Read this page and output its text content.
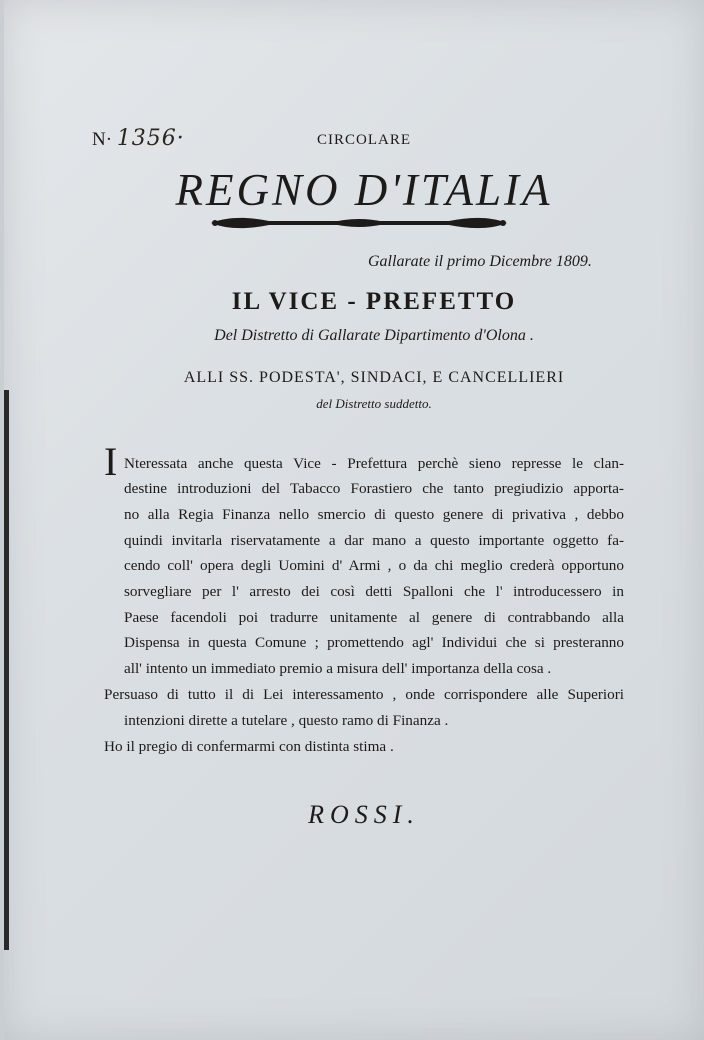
N· 1356·	CIRCOLARE
REGNO D'ITALIA
Gallarate il primo Dicembre 1809.
IL VICE - PREFETTO
Del Distretto di Gallarate Dipartimento d'Olona .
ALLI SS. PODESTA', SINDACI, E CANCELLIERI
del Distretto suddetto.
I Nteressata anche questa Vice - Prefettura perchè sieno represse le clan-
destine introduzioni del Tabacco Forastiero che tanto pregiudizio apporta-
no alla Regia Finanza nello smercio di questo genere di privativa , debbo
quindi invitarla riservatamente a dar mano a questo importante oggetto fa-
cendo coll' opera degli Uomini d' Armi , o da chi meglio crederà opportuno
sorvegliare per l' arresto dei così detti Spalloni che l' introducessero in
Paese facendoli poi tradurre unitamente al genere di contrabbando alla
Dispensa in questa Comune ; promettendo agl' Individui che si presteranno
all' intento un immediato premio a misura dell' importanza della cosa .
Persuaso di tutto il di Lei interessamento , onde corrispondere alle Superiori
intenzioni dirette a tutelare , questo ramo di Finanza .
Ho il pregio di confermarmi con distinta stima .
ROSSI.
